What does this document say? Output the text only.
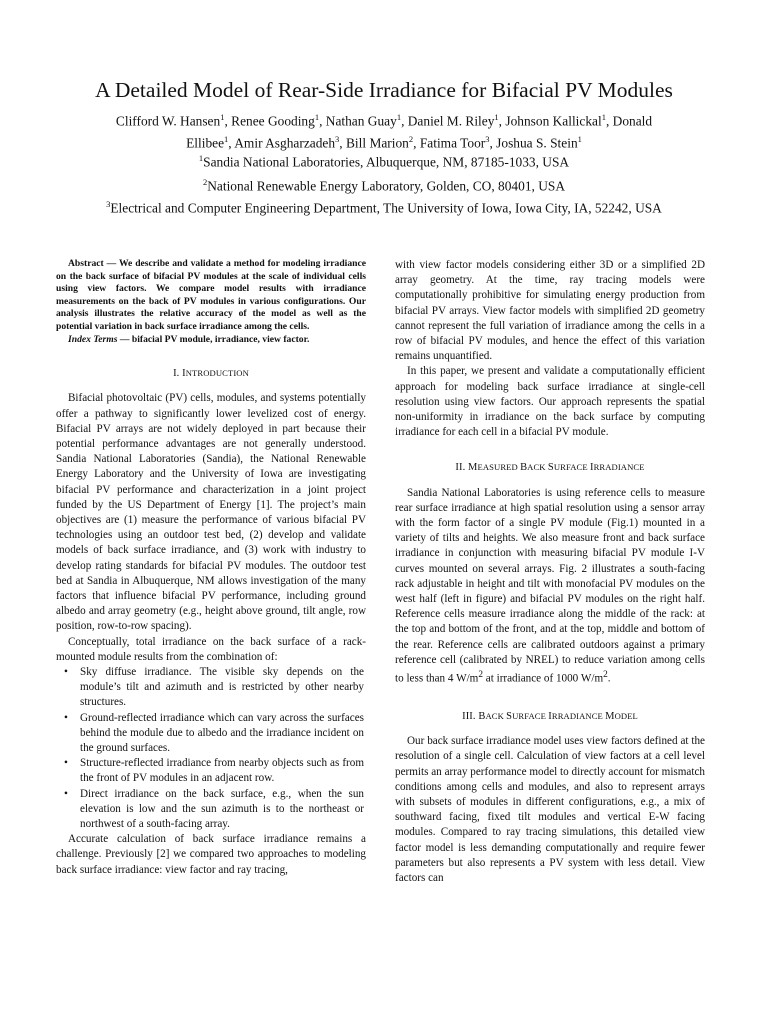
A Detailed Model of Rear-Side Irradiance for Bifacial PV Modules
Clifford W. Hansen$^1$, Renee Gooding$^1$, Nathan Guay$^1$, Daniel M. Riley$^1$, Johnson Kallickal$^1$, Donald
Ellibee$^1$, Amir Asgharzadeh$^3$, Bill Marion$^2$, Fatima Toor$^3$, Joshua S. Stein$^1$
$^1$Sandia National Laboratories, Albuquerque, NM, 87185-1033, USA
$^2$National Renewable Energy Laboratory, Golden, CO, 80401, USA
$^3$Electrical and Computer Engineering Department, The University of Iowa, Iowa City, IA, 52242, USA
Abstract — We describe and validate a method for modeling irradiance on the back surface of bifacial PV modules at the scale of individual cells using view factors. We compare model results with irradiance measurements on the back of PV modules in various configurations. Our analysis illustrates the relative accuracy of the model as well as the potential variation in back surface irradiance among the cells.
Index Terms — bifacial PV module, irradiance, view factor.
I. INTRODUCTION

Bifacial photovoltaic (PV) cells, modules, and systems potentially offer a pathway to significantly lower levelized cost of energy. Bifacial PV arrays are not widely deployed in part because their potential performance advantages are not generally understood. Sandia National Laboratories (Sandia), the National Renewable Energy Laboratory and the University of Iowa are investigating bifacial PV performance and characterization in a joint project funded by the US Department of Energy [1]. The project’s main objectives are (1) measure the performance of various bifacial PV technologies using an outdoor test bed, (2) develop and validate models of back surface irradiance, and (3) work with industry to develop rating standards for bifacial PV modules. The outdoor test bed at Sandia in Albuquerque, NM allows investigation of the many factors that influence bifacial PV performance, including ground albedo and array geometry (e.g., height above ground, tilt angle, row position, row-to-row spacing).

Conceptually, total irradiance on the back surface of a rack-mounted module results from the combination of:

• Sky diffuse irradiance. The visible sky depends on the module’s tilt and azimuth and is restricted by other nearby structures.
• Ground-reflected irradiance which can vary across the surfaces behind the module due to albedo and the irradiance incident on the ground surfaces.
• Structure-reflected irradiance from nearby objects such as from the front of PV modules in an adjacent row.
• Direct irradiance on the back surface, e.g., when the sun elevation is low and the sun azimuth is to the northeast or northwest of a south-facing array.

Accurate calculation of back surface irradiance remains a challenge. Previously [2] we compared two approaches to modeling back surface irradiance: view factor and ray tracing,

with view factor models considering either 3D or a simplified 2D array geometry. At the time, ray tracing models were computationally prohibitive for simulating energy production from bifacial PV arrays. View factor models with simplified 2D geometry cannot represent the full variation of irradiance among the cells in a row of bifacial PV modules, and hence the effect of this variation remains unquantified.

In this paper, we present and validate a computationally efficient approach for modeling back surface irradiance at single-cell resolution using view factors. Our approach represents the spatial non-uniformity in irradiance on the back surface by computing irradiance for each cell in a bifacial PV module.

II. MEASURED BACK SURFACE IRRADIANCE

Sandia National Laboratories is using reference cells to measure rear surface irradiance at high spatial resolution using a sensor array with the form factor of a single PV module (Fig.1) mounted in a variety of tilts and heights. We also measure front and back surface irradiance in conjunction with measuring bifacial PV module I-V curves mounted on several arrays. Fig. 2 illustrates a south-facing rack adjustable in height and tilt with monofacial PV modules on the west half (left in figure) and bifacial PV modules on the right half. Reference cells measure irradiance along the middle of the rack: at the top and bottom of the front, and at the top, middle and bottom of the rear. Reference cells are calibrated outdoors against a primary reference cell (calibrated by NREL) to reduce variation among cells to less than 4 $W/m^2$ at irradiance of 1000 $W/m^2$.

III. BACK SURFACE IRRADIANCE MODEL

Our back surface irradiance model uses view factors defined at the resolution of a single cell. Calculation of view factors at a cell level permits an array performance model to directly account for mismatch conditions among cells and modules, and also to represent arrays with subsets of modules in different configurations, e.g., a mix of southward facing, fixed tilt modules and vertical E-W facing modules. Compared to ray tracing simulations, this detailed view factor model is less demanding computationally and require fewer parameters but also represents a PV system with less detail. View factors can
